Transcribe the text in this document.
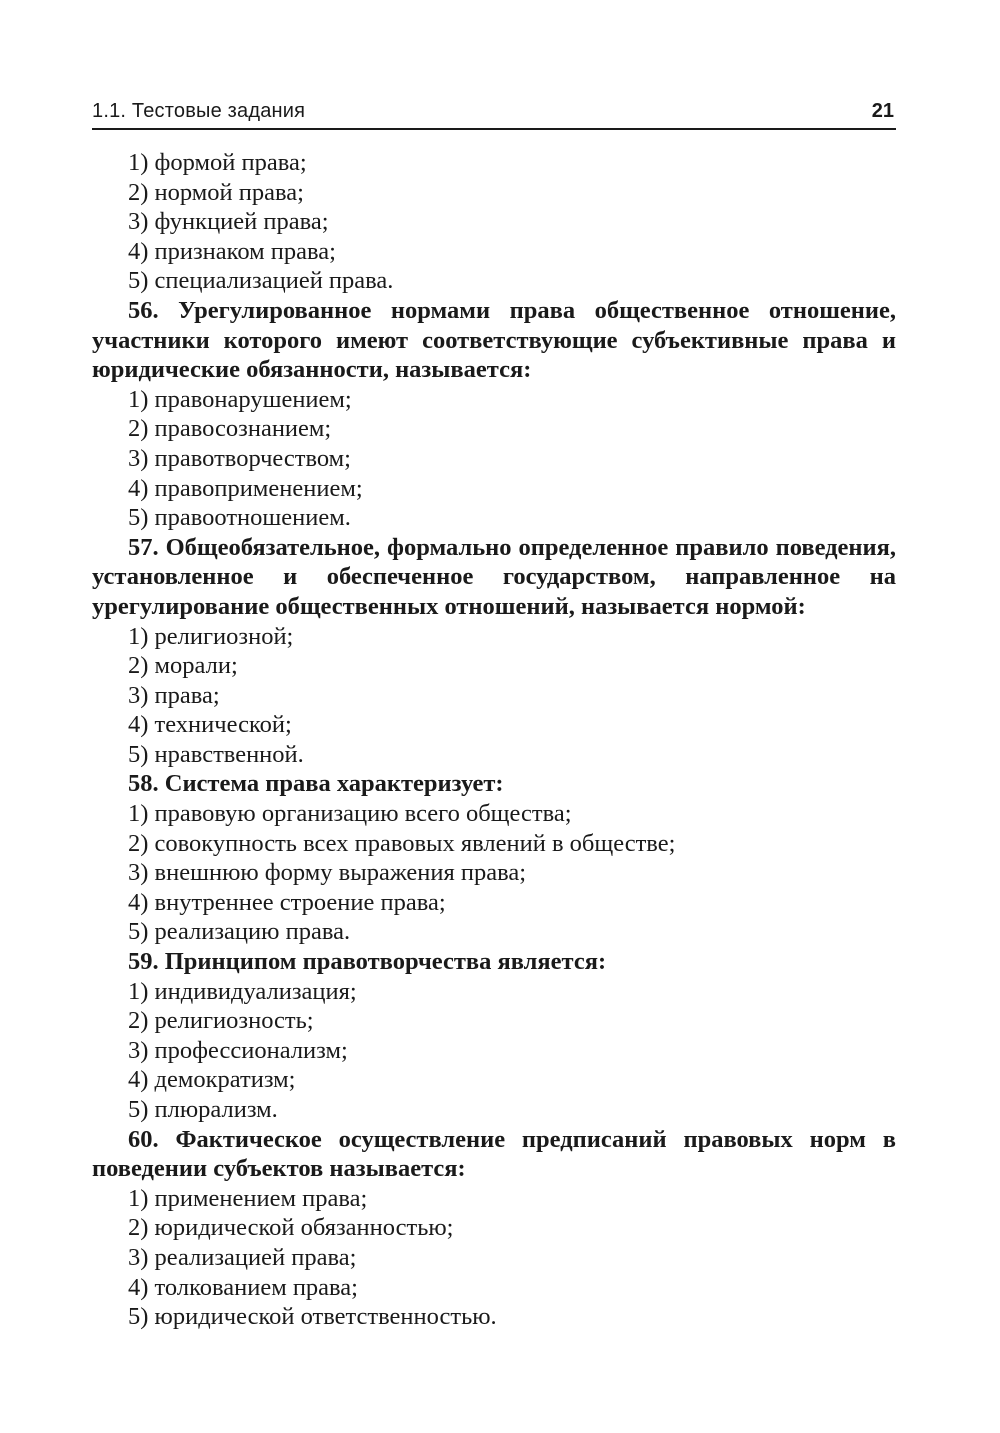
1.1. Тестовые задания	21
1) формой права;
2) нормой права;
3) функцией права;
4) признаком права;
5) специализацией права.
56. Урегулированное нормами права общественное отношение, участники которого имеют соответствующие субъективные права и юридические обязанности, называется:
1) правонарушением;
2) правосознанием;
3) правотворчеством;
4) правоприменением;
5) правоотношением.
57. Общеобязательное, формально определенное правило поведения, установленное и обеспеченное государством, направленное на урегулирование общественных отношений, называется нормой:
1) религиозной;
2) морали;
3) права;
4) технической;
5) нравственной.
58. Система права характеризует:
1) правовую организацию всего общества;
2) совокупность всех правовых явлений в обществе;
3) внешнюю форму выражения права;
4) внутреннее строение права;
5) реализацию права.
59. Принципом правотворчества является:
1) индивидуализация;
2) религиозность;
3) профессионализм;
4) демократизм;
5) плюрализм.
60. Фактическое осуществление предписаний правовых норм в поведении субъектов называется:
1) применением права;
2) юридической обязанностью;
3) реализацией права;
4) толкованием права;
5) юридической ответственностью.
